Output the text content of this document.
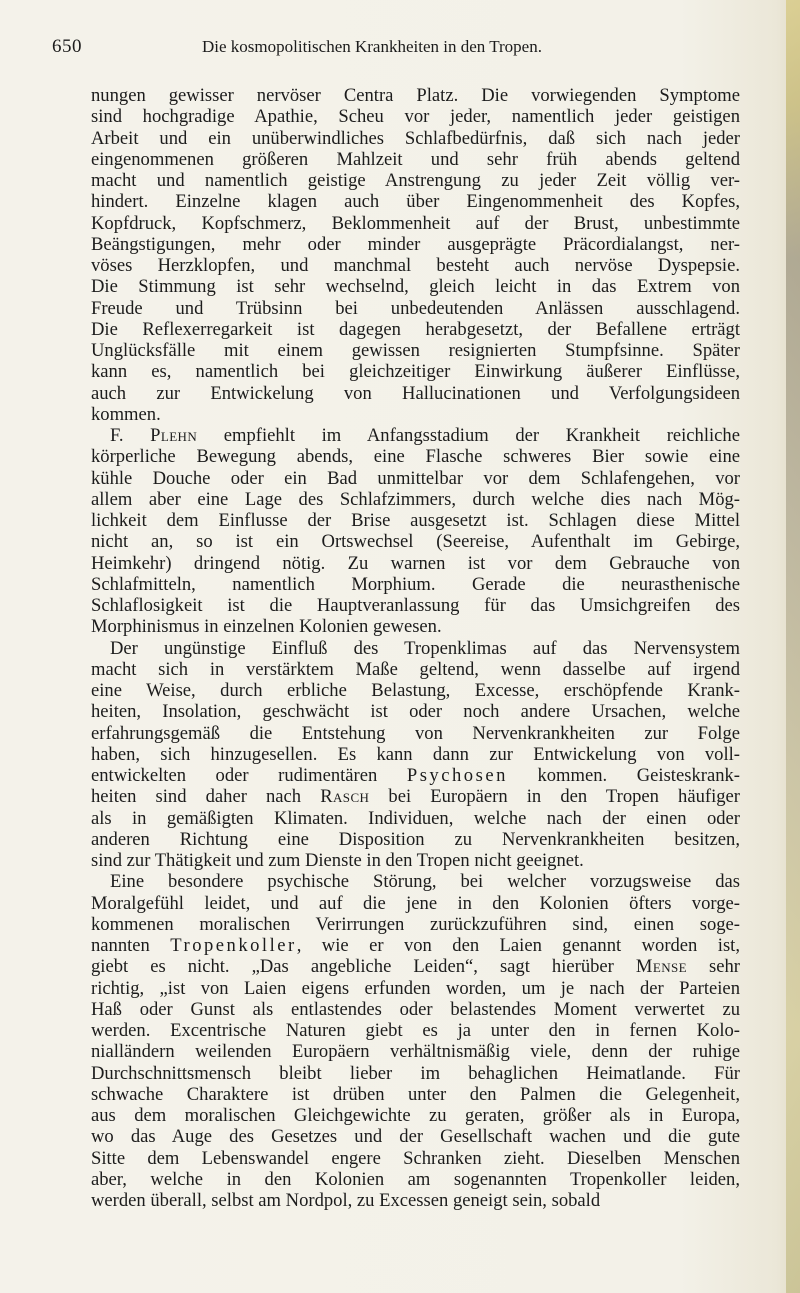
650	Die kosmopolitischen Krankheiten in den Tropen.
nungen gewisser nervöser Centra Platz. Die vorwiegenden Symptome
sind hochgradige Apathie, Scheu vor jeder, namentlich jeder geistigen
Arbeit und ein unüberwindliches Schlafbedürfnis, daß sich nach jeder
eingenommenen größeren Mahlzeit und sehr früh abends geltend
macht und namentlich geistige Anstrengung zu jeder Zeit völlig ver-
hindert. Einzelne klagen auch über Eingenommenheit des Kopfes,
Kopfdruck, Kopfschmerz, Beklommenheit auf der Brust, unbestimmte
Beängstigungen, mehr oder minder ausgeprägte Präcordialangst, ner-
vöses Herzklopfen, und manchmal besteht auch nervöse Dyspepsie.
Die Stimmung ist sehr wechselnd, gleich leicht in das Extrem von
Freude und Trübsinn bei unbedeutenden Anlässen ausschlagend.
Die Reflexerregarkeit ist dagegen herabgesetzt, der Befallene erträgt
Unglücksfälle mit einem gewissen resignierten Stumpfsinne. Später
kann es, namentlich bei gleichzeitiger Einwirkung äußerer Einflüsse,
auch zur Entwickelung von Hallucinationen und Verfolgungsideen
kommen.
F. Plehn empfiehlt im Anfangsstadium der Krankheit reichliche
körperliche Bewegung abends, eine Flasche schweres Bier sowie eine
kühle Douche oder ein Bad unmittelbar vor dem Schlafengehen, vor
allem aber eine Lage des Schlafzimmers, durch welche dies nach Mög-
lichkeit dem Einflusse der Brise ausgesetzt ist. Schlagen diese Mittel
nicht an, so ist ein Ortswechsel (Seereise, Aufenthalt im Gebirge,
Heimkehr) dringend nötig. Zu warnen ist vor dem Gebrauche von
Schlafmitteln, namentlich Morphium. Gerade die neurasthenische
Schlaflosigkeit ist die Hauptveranlassung für das Umsichgreifen des
Morphinismus in einzelnen Kolonien gewesen.
Der ungünstige Einfluß des Tropenklimas auf das Nervensystem
macht sich in verstärktem Maße geltend, wenn dasselbe auf irgend
eine Weise, durch erbliche Belastung, Excesse, erschöpfende Krank-
heiten, Insolation, geschwächt ist oder noch andere Ursachen, welche
erfahrungsgemäß die Entstehung von Nervenkrankheiten zur Folge
haben, sich hinzugesellen. Es kann dann zur Entwickelung von voll-
entwickelten oder rudimentären Psychosen kommen. Geisteskrank-
heiten sind daher nach Rasch bei Europäern in den Tropen häufiger
als in gemäßigten Klimaten. Individuen, welche nach der einen oder
anderen Richtung eine Disposition zu Nervenkrankheiten besitzen,
sind zur Thätigkeit und zum Dienste in den Tropen nicht geeignet.
Eine besondere psychische Störung, bei welcher vorzugsweise das
Moralgefühl leidet, und auf die jene in den Kolonien öfters vorge-
kommenen moralischen Verirrungen zurückzuführen sind, einen soge-
nannten Tropenkoller, wie er von den Laien genannt worden ist,
giebt es nicht. „Das angebliche Leiden“, sagt hierüber Mense sehr
richtig, „ist von Laien eigens erfunden worden, um je nach der Parteien
Haß oder Gunst als entlastendes oder belastendes Moment verwertet zu
werden. Excentrische Naturen giebt es ja unter den in fernen Kolo-
nialländern weilenden Europäern verhältnismäßig viele, denn der ruhige
Durchschnittsmensch bleibt lieber im behaglichen Heimatlande. Für
schwache Charaktere ist drüben unter den Palmen die Gelegenheit,
aus dem moralischen Gleichgewichte zu geraten, größer als in Europa,
wo das Auge des Gesetzes und der Gesellschaft wachen und die gute
Sitte dem Lebenswandel engere Schranken zieht. Dieselben Menschen
aber, welche in den Kolonien am sogenannten Tropenkoller leiden,
werden überall, selbst am Nordpol, zu Excessen geneigt sein, sobald
